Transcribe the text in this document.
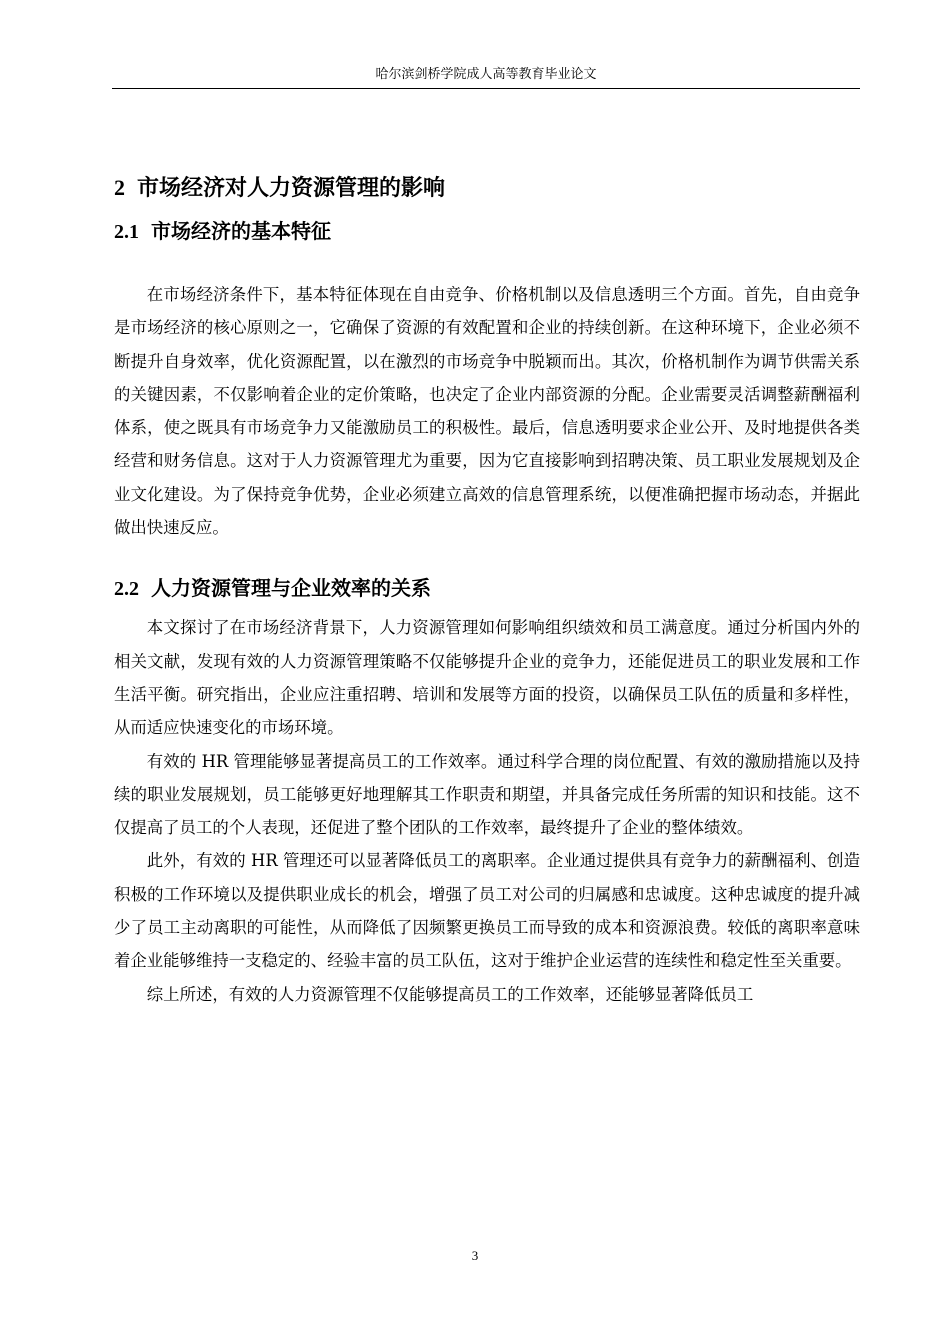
哈尔滨剑桥学院成人高等教育毕业论文
2 市场经济对人力资源管理的影响
2.1 市场经济的基本特征

在市场经济条件下，基本特征体现在自由竞争、价格机制以及信息透明三个方面。首先，自由竞争是市场经济的核心原则之一，它确保了资源的有效配置和企业的持续创新。在这种环境下，企业必须不断提升自身效率，优化资源配置，以在激烈的市场竞争中脱颖而出。其次，价格机制作为调节供需关系的关键因素，不仅影响着企业的定价策略，也决定了企业内部资源的分配。企业需要灵活调整薪酬福利体系，使之既具有市场竞争力又能激励员工的积极性。最后，信息透明要求企业公开、及时地提供各类经营和财务信息。这对于人力资源管理尤为重要，因为它直接影响到招聘决策、员工职业发展规划及企业文化建设。为了保持竞争优势，企业必须建立高效的信息管理系统，以便准确把握市场动态，并据此做出快速反应。

2.2 人力资源管理与企业效率的关系

本文探讨了在市场经济背景下，人力资源管理如何影响组织绩效和员工满意度。通过分析国内外的相关文献，发现有效的人力资源管理策略不仅能够提升企业的竞争力，还能促进员工的职业发展和工作生活平衡。研究指出，企业应注重招聘、培训和发展等方面的投资，以确保员工队伍的质量和多样性，从而适应快速变化的市场环境。

有效的 HR 管理能够显著提高员工的工作效率。通过科学合理的岗位配置、有效的激励措施以及持续的职业发展规划，员工能够更好地理解其工作职责和期望，并具备完成任务所需的知识和技能。这不仅提高了员工的个人表现，还促进了整个团队的工作效率，最终提升了企业的整体绩效。

此外，有效的 HR 管理还可以显著降低员工的离职率。企业通过提供具有竞争力的薪酬福利、创造积极的工作环境以及提供职业成长的机会，增强了员工对公司的归属感和忠诚度。这种忠诚度的提升减少了员工主动离职的可能性，从而降低了因频繁更换员工而导致的成本和资源浪费。较低的离职率意味着企业能够维持一支稳定的、经验丰富的员工队伍，这对于维护企业运营的连续性和稳定性至关重要。

综上所述，有效的人力资源管理不仅能够提高员工的工作效率，还能够显著降低员工

3
